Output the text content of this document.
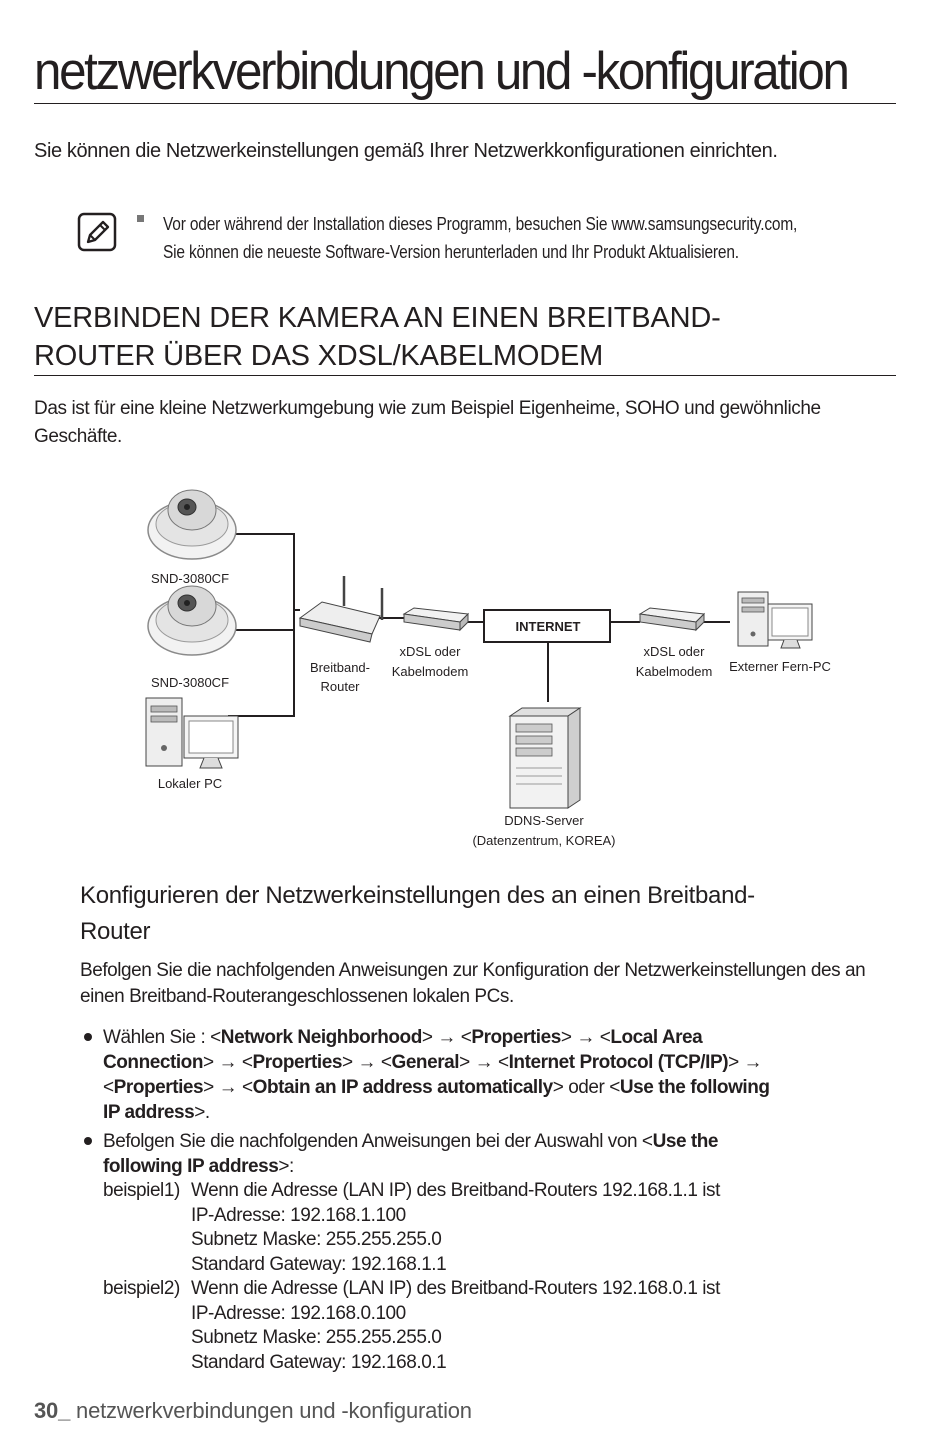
netzwerkverbindungen und -konfiguration
Sie können die Netzwerkeinstellungen gemäß Ihrer Netzwerkkonfigurationen einrichten.
Vor oder während der Installation dieses Programm, besuchen Sie www.samsungsecurity.com,
Sie können die neueste Software-Version herunterladen und Ihr Produkt Aktualisieren.
VERBINDEN DER KAMERA AN EINEN BREITBAND-
ROUTER ÜBER DAS XDSL/KABELMODEM
Das ist für eine kleine Netzwerkumgebung wie zum Beispiel Eigenheime, SOHO und gewöhnliche Geschäfte.
SND-3080CF
SND-3080CF
Lokaler PC
Breitband-
Router
xDSL oder
Kabelmodem
INTERNET
xDSL oder
Kabelmodem Externer Fern-PC
DDNS-Server
(Datenzentrum, KOREA)
Konfigurieren der Netzwerkeinstellungen des an einen Breitband-
Router
Befolgen Sie die nachfolgenden Anweisungen zur Konfiguration der Netzwerkeinstellungen des an einen Breitband-Routerangeschlossenen lokalen PCs.
Wählen Sie : <Network Neighborhood> → <Properties> → <Local Area
Connection> → <Properties> → <General> → <Internet Protocol (TCP/IP)> →
<Properties> → <Obtain an IP address automatically> oder <Use the following
IP address>.
Befolgen Sie die nachfolgenden Anweisungen bei der Auswahl von <Use the
following IP address>:
beispiel1) Wenn die Adresse (LAN IP) des Breitband-Routers 192.168.1.1 ist
IP-Adresse: 192.168.1.100
Subnetz Maske: 255.255.255.0
Standard Gateway: 192.168.1.1
beispiel2) Wenn die Adresse (LAN IP) des Breitband-Routers 192.168.0.1 ist
IP-Adresse: 192.168.0.100
Subnetz Maske: 255.255.255.0
Standard Gateway: 192.168.0.1
30_ netzwerkverbindungen und -konfiguration
